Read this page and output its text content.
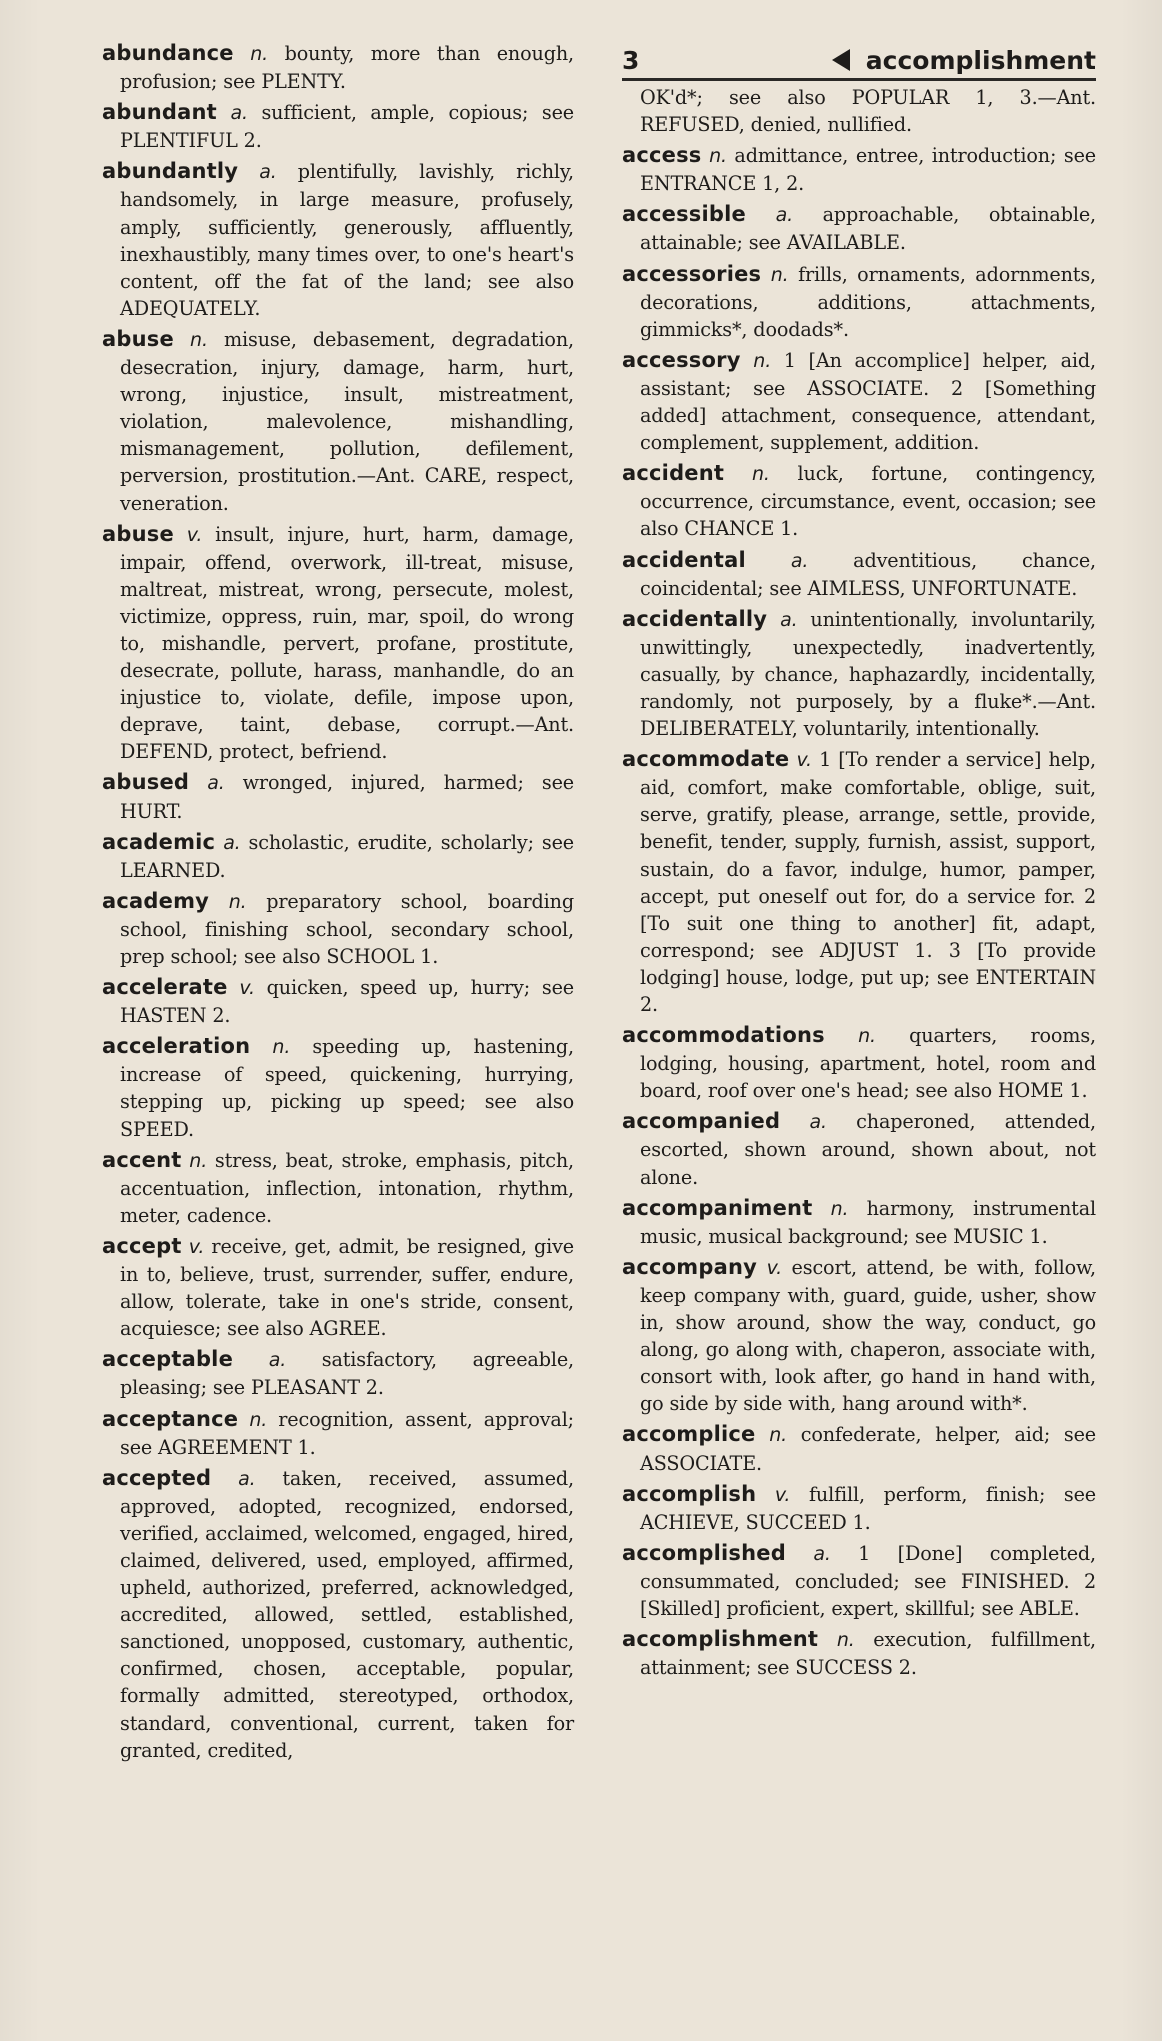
3	accomplishment
abundance n. bounty, more than enough, profusion; see PLENTY.
abundant a. sufficient, ample, copious; see PLENTIFUL 2.
abundantly a. plentifully, lavishly, richly, handsomely, in large measure, profusely, amply, sufficiently, generously, affluently, inexhaustibly, many times over, to one's heart's content, off the fat of the land; see also ADEQUATELY.
abuse n. misuse, debasement, degradation, desecration, injury, damage, harm, hurt, wrong, injustice, insult, mistreatment, violation, malevolence, mishandling, mismanagement, pollution, defilement, perversion, prostitution.—Ant. CARE, respect, veneration.
abuse v. insult, injure, hurt, harm, damage, impair, offend, overwork, ill-treat, misuse, maltreat, mistreat, wrong, persecute, molest, victimize, oppress, ruin, mar, spoil, do wrong to, mishandle, pervert, profane, prostitute, desecrate, pollute, harass, manhandle, do an injustice to, violate, defile, impose upon, deprave, taint, debase, corrupt.—Ant. DEFEND, protect, befriend.
abused a. wronged, injured, harmed; see HURT.
academic a. scholastic, erudite, scholarly; see LEARNED.
academy n. preparatory school, boarding school, finishing school, secondary school, prep school; see also SCHOOL 1.
accelerate v. quicken, speed up, hurry; see HASTEN 2.
acceleration n. speeding up, hastening, increase of speed, quickening, hurrying, stepping up, picking up speed; see also SPEED.
accent n. stress, beat, stroke, emphasis, pitch, accentuation, inflection, intonation, rhythm, meter, cadence.
accept v. receive, get, admit, be resigned, give in to, believe, trust, surrender, suffer, endure, allow, tolerate, take in one's stride, consent, acquiesce; see also AGREE.
acceptable a. satisfactory, agreeable, pleasing; see PLEASANT 2.
acceptance n. recognition, assent, approval; see AGREEMENT 1.
accepted a. taken, received, assumed, approved, adopted, recognized, endorsed, verified, acclaimed, welcomed, engaged, hired, claimed, delivered, used, employed, affirmed, upheld, authorized, preferred, acknowledged, accredited, allowed, settled, established, sanctioned, unopposed, customary, authentic, confirmed, chosen, acceptable, popular, formally admitted, stereotyped, orthodox, standard, conventional, current, taken for granted, credited,
OK'd*; see also POPULAR 1, 3.—Ant. REFUSED, denied, nullified.
access n. admittance, entree, introduction; see ENTRANCE 1, 2.
accessible a. approachable, obtainable, attainable; see AVAILABLE.
accessories n. frills, ornaments, adornments, decorations, additions, attachments, gimmicks*, doodads*.
accessory n. 1 [An accomplice] helper, aid, assistant; see ASSOCIATE. 2 [Something added] attachment, consequence, attendant, complement, supplement, addition.
accident n. luck, fortune, contingency, occurrence, circumstance, event, occasion; see also CHANCE 1.
accidental a. adventitious, chance, coincidental; see AIMLESS, UNFORTUNATE.
accidentally a. unintentionally, involuntarily, unwittingly, unexpectedly, inadvertently, casually, by chance, haphazardly, incidentally, randomly, not purposely, by a fluke*.—Ant. DELIBERATELY, voluntarily, intentionally.
accommodate v. 1 [To render a service] help, aid, comfort, make comfortable, oblige, suit, serve, gratify, please, arrange, settle, provide, benefit, tender, supply, furnish, assist, support, sustain, do a favor, indulge, humor, pamper, accept, put oneself out for, do a service for. 2 [To suit one thing to another] fit, adapt, correspond; see ADJUST 1. 3 [To provide lodging] house, lodge, put up; see ENTERTAIN 2.
accommodations n. quarters, rooms, lodging, housing, apartment, hotel, room and board, roof over one's head; see also HOME 1.
accompanied a. chaperoned, attended, escorted, shown around, shown about, not alone.
accompaniment n. harmony, instrumental music, musical background; see MUSIC 1.
accompany v. escort, attend, be with, follow, keep company with, guard, guide, usher, show in, show around, show the way, conduct, go along, go along with, chaperon, associate with, consort with, look after, go hand in hand with, go side by side with, hang around with*.
accomplice n. confederate, helper, aid; see ASSOCIATE.
accomplish v. fulfill, perform, finish; see ACHIEVE, SUCCEED 1.
accomplished a. 1 [Done] completed, consummated, concluded; see FINISHED. 2 [Skilled] proficient, expert, skillful; see ABLE.
accomplishment n. execution, fulfillment, attainment; see SUCCESS 2.
